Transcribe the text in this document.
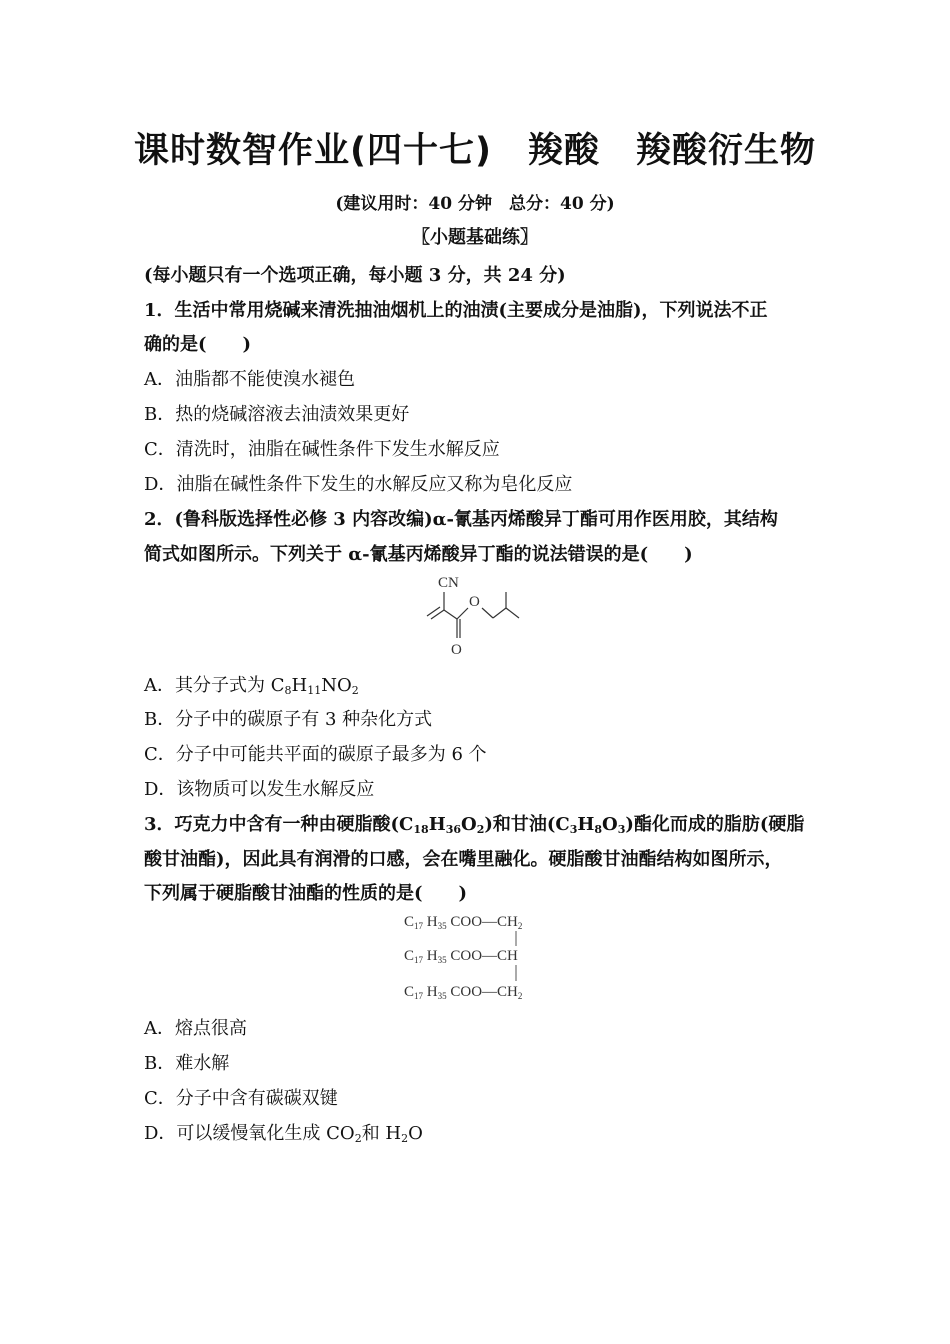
课时数智作业(四十七)　羧酸　羧酸衍生物
(建议用时：40 分钟　总分：40 分)
〖小题基础练〗
(每小题只有一个选项正确，每小题 3 分，共 24 分)
1．生活中常用烧碱来清洗抽油烟机上的油渍(主要成分是油脂)，下列说法不正
确的是(　　)
A．油脂都不能使溴水褪色
B．热的烧碱溶液去油渍效果更好
C．清洗时，油脂在碱性条件下发生水解反应
D．油脂在碱性条件下发生的水解反应又称为皂化反应
2．(鲁科版选择性必修 3 内容改编)α-氰基丙烯酸异丁酯可用作医用胶，其结构
简式如图所示。下列关于 α-氰基丙烯酸异丁酯的说法错误的是(　　)
CN
O
O
A．其分子式为 $C_8H_{11}NO_2$
B．分子中的碳原子有 3 种杂化方式
C．分子中可能共平面的碳原子最多为 6 个
D．该物质可以发生水解反应
3．巧克力中含有一种由硬脂酸$(C_{18}H_{36}O_2)$和甘油$(C_3H_8O_3)$酯化而成的脂肪(硬脂
酸甘油酯)，因此具有润滑的口感，会在嘴里融化。硬脂酸甘油酯结构如图所示，
下列属于硬脂酸甘油酯的性质的是(　　)
$C_{17}$ $H_{35}$ $COO—CH_2$
$C_{17}$ $H_{35}$ COO—CH
$C_{17}$ $H_{35}$ $COO—CH_2$
A．熔点很高
B．难水解
C．分子中含有碳碳双键
D．可以缓慢氧化生成 $CO_2$和 $H_2O$
